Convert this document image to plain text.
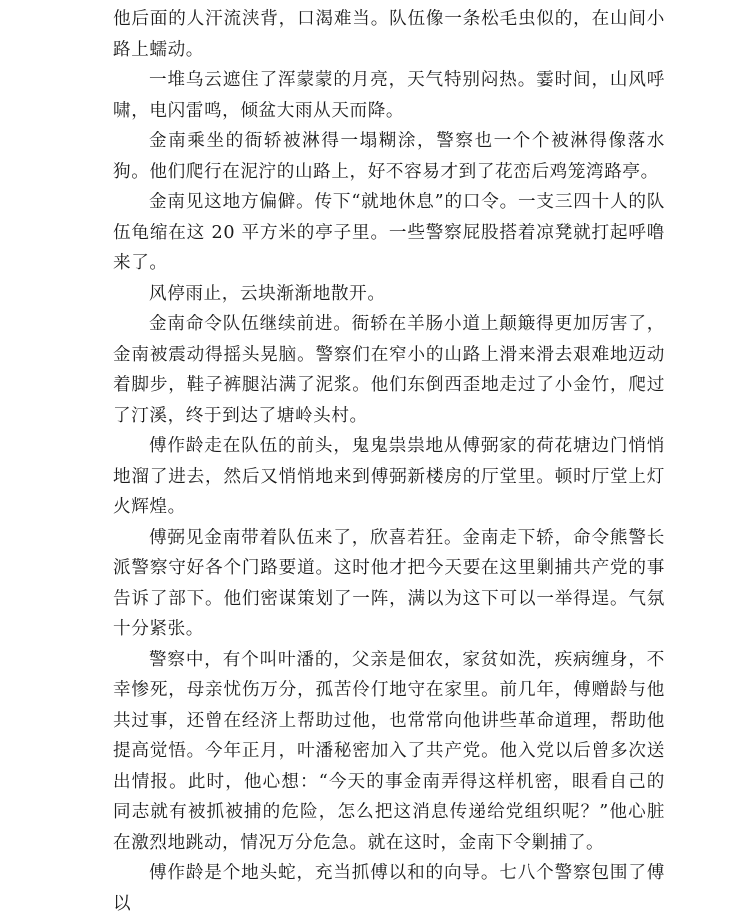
他后面的人汗流浃背，口渴难当。队伍像一条松毛虫似的，在山间小路上蠕动。

一堆乌云遮住了浑蒙蒙的月亮，天气特别闷热。霎时间，山风呼啸，电闪雷鸣，倾盆大雨从天而降。

金南乘坐的衙轿被淋得一塌糊涂，警察也一个个被淋得像落水狗。他们爬行在泥泞的山路上，好不容易才到了花峦后鸡笼湾路亭。

金南见这地方偏僻。传下“就地休息”的口令。一支三四十人的队伍龟缩在这 20 平方米的亭子里。一些警察屁股搭着凉凳就打起呼噜来了。

风停雨止，云块渐渐地散开。

金南命令队伍继续前进。衙轿在羊肠小道上颠簸得更加厉害了，金南被震动得摇头晃脑。警察们在窄小的山路上滑来滑去艰难地迈动着脚步，鞋子裤腿沾满了泥浆。他们东倒西歪地走过了小金竹，爬过了汀溪，终于到达了塘岭头村。

傅作龄走在队伍的前头，鬼鬼祟祟地从傅弼家的荷花塘边门悄悄地溜了进去，然后又悄悄地来到傅弼新楼房的厅堂里。顿时厅堂上灯火辉煌。

傅弼见金南带着队伍来了，欣喜若狂。金南走下轿，命令熊警长派警察守好各个门路要道。这时他才把今天要在这里剿捕共产党的事告诉了部下。他们密谋策划了一阵，满以为这下可以一举得逞。气氛十分紧张。

警察中，有个叫叶潘的，父亲是佃农，家贫如洗，疾病缠身，不幸惨死，母亲忧伤万分，孤苦伶仃地守在家里。前几年，傅赠龄与他共过事，还曾在经济上帮助过他，也常常向他讲些革命道理，帮助他提高觉悟。今年正月，叶潘秘密加入了共产党。他入党以后曾多次送出情报。此时，他心想：“今天的事金南弄得这样机密，眼看自己的同志就有被抓被捕的危险，怎么把这消息传递给党组织呢？”他心脏在激烈地跳动，情况万分危急。就在这时，金南下令剿捕了。

傅作龄是个地头蛇，充当抓傅以和的向导。七八个警察包围了傅以
